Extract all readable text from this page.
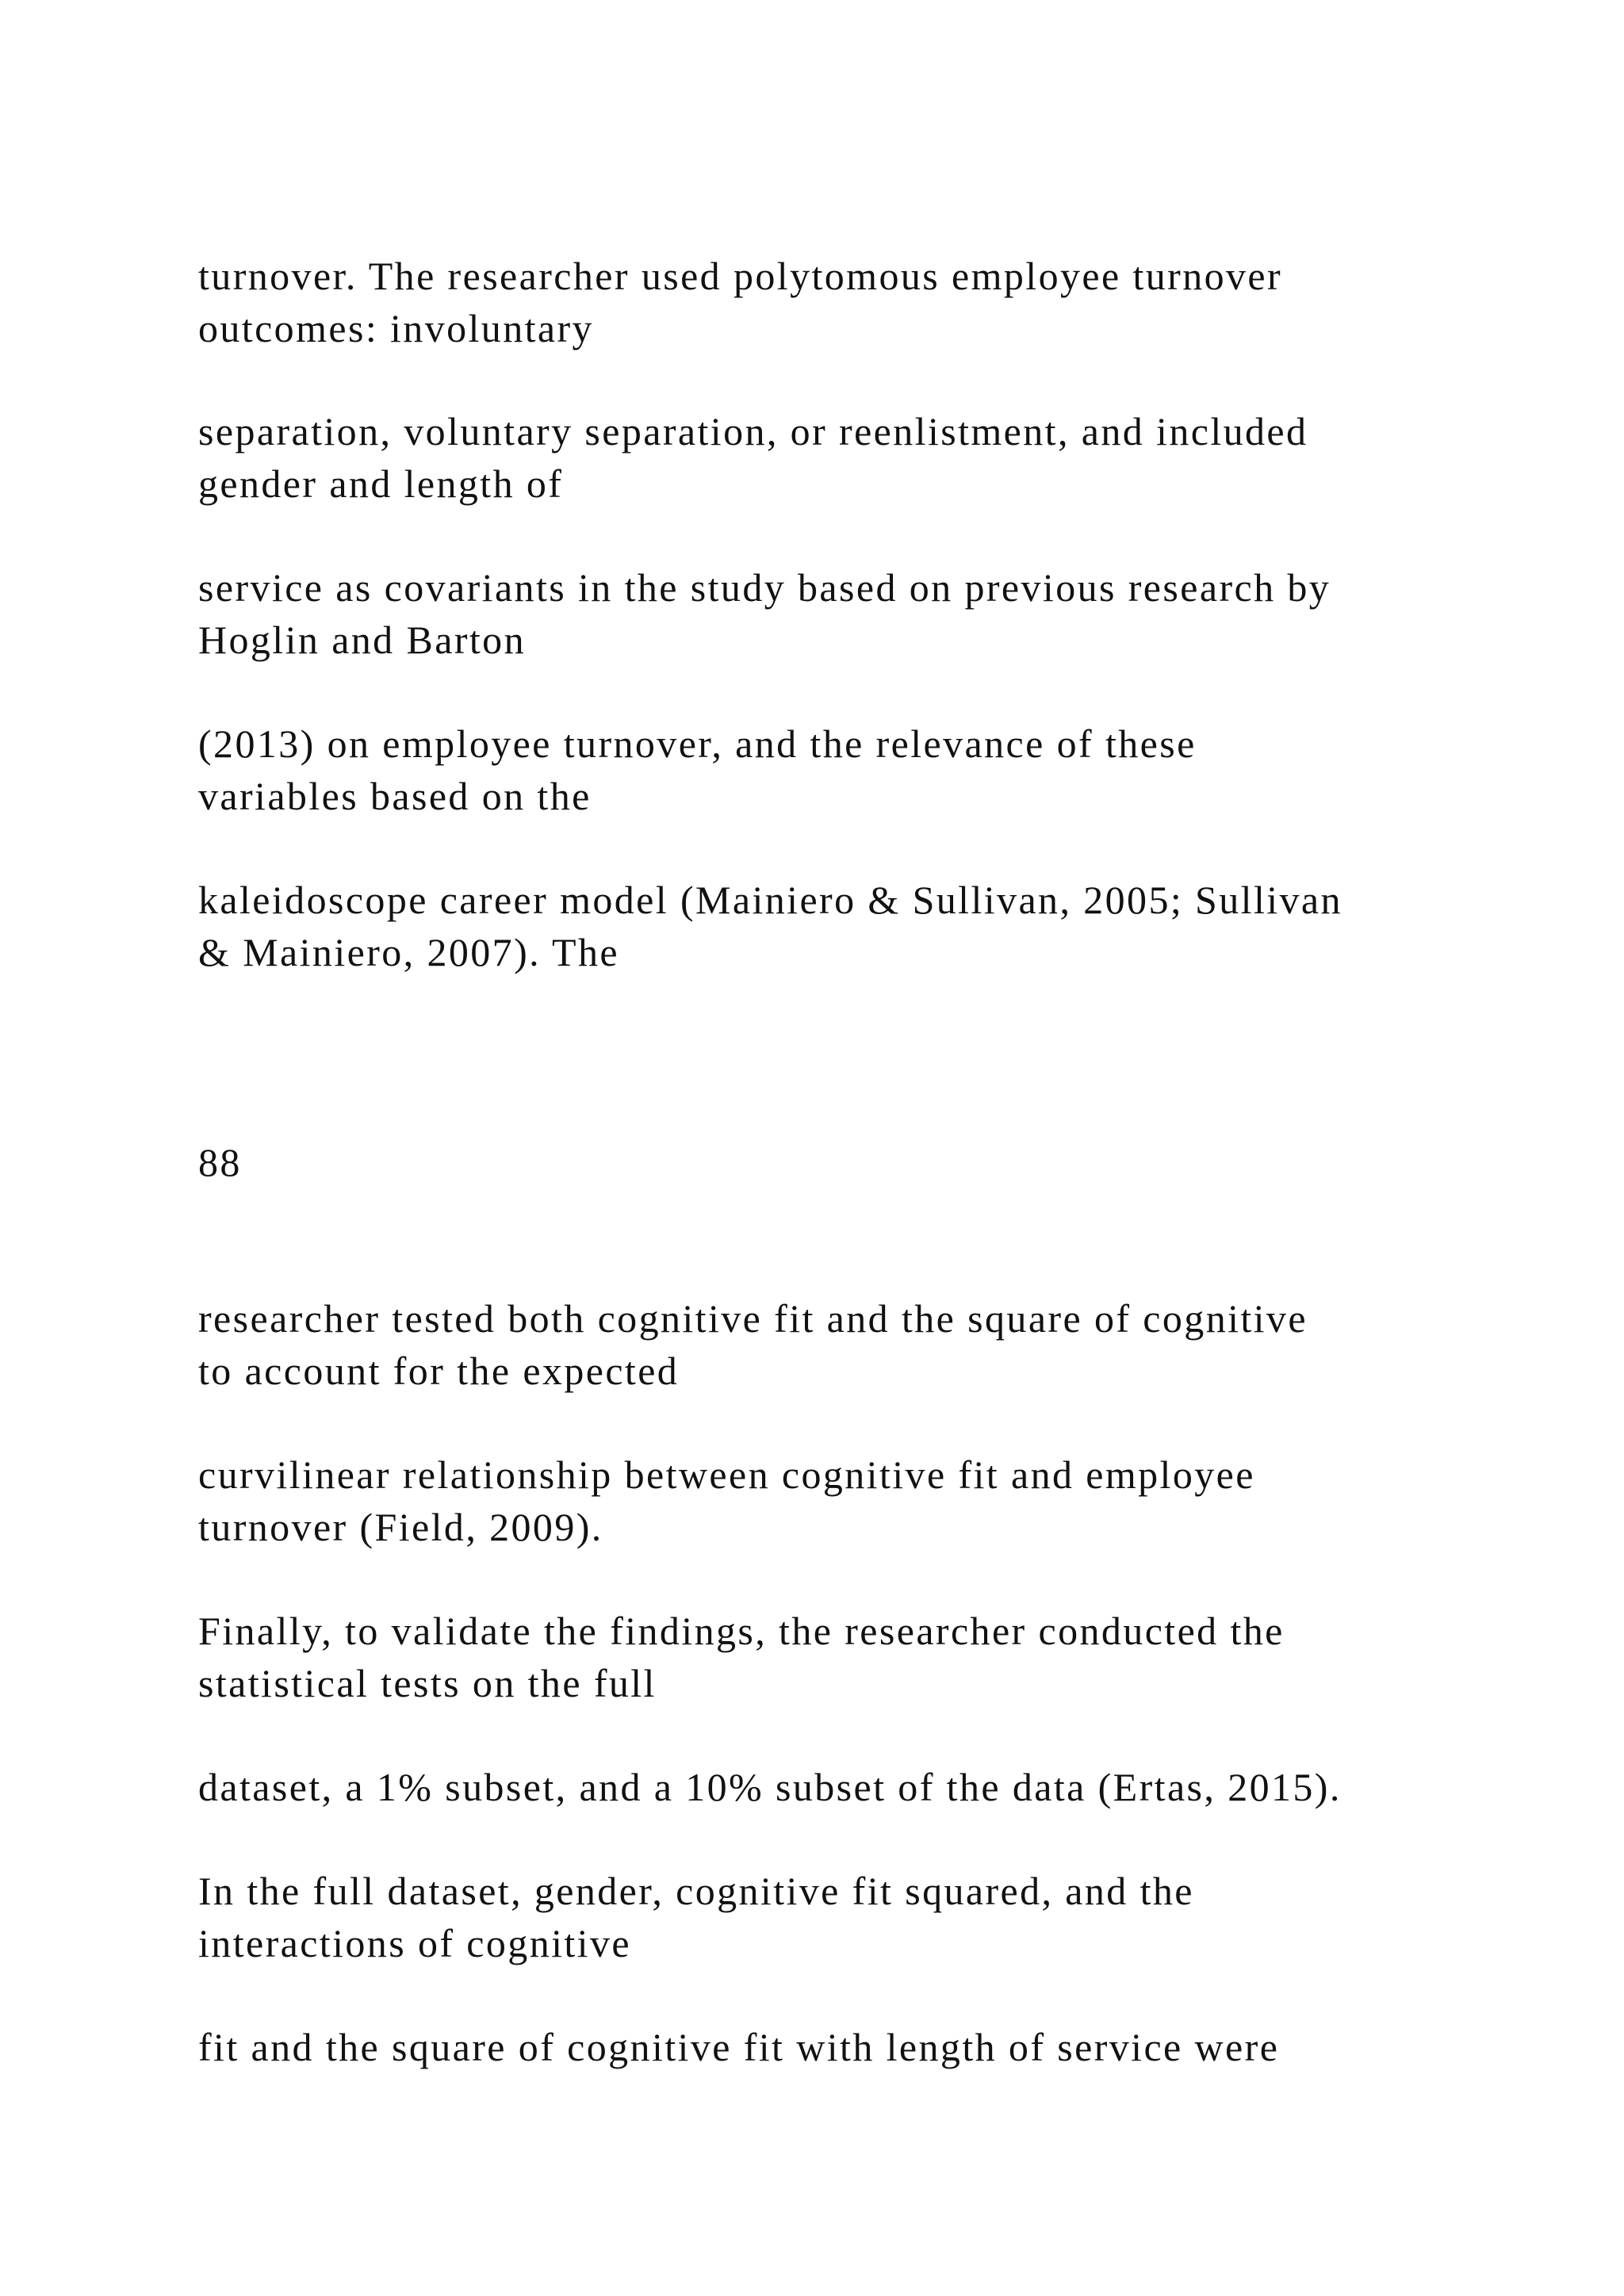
turnover. The researcher used polytomous employee turnover

outcomes: involuntary

separation, voluntary separation, or reenlistment, and included

gender and length of

service as covariants in the study based on previous research by

Hoglin and Barton

(2013) on employee turnover, and the relevance of these

variables based on the

kaleidoscope career model (Mainiero & Sullivan, 2005; Sullivan

& Mainiero, 2007). The

88

researcher tested both cognitive fit and the square of cognitive

to account for the expected

curvilinear relationship between cognitive fit and employee

turnover (Field, 2009).

Finally, to validate the findings, the researcher conducted the

statistical tests on the full

dataset, a 1% subset, and a 10% subset of the data (Ertas, 2015).

In the full dataset, gender, cognitive fit squared, and the

interactions of cognitive

fit and the square of cognitive fit with length of service were
